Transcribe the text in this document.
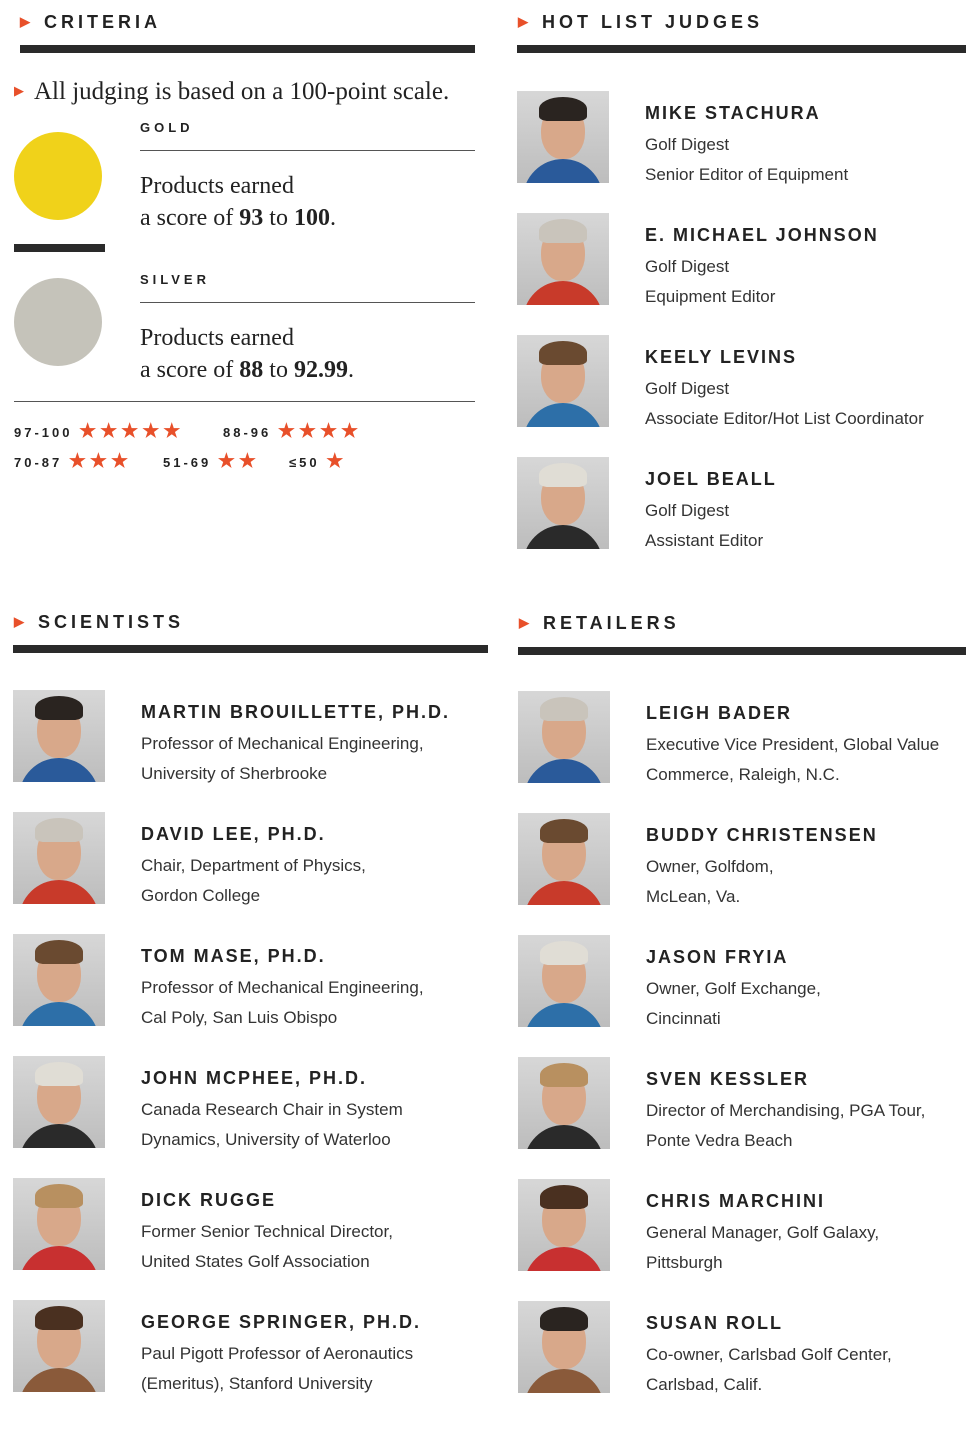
▶ CRITERIA
▶ All judging is based on a 100-point scale.
GOLD
Products earned
a score of 93 to 100.
SILVER
Products earned
a score of 88 to 92.99.
97-100 ★★★★★	88-96 ★★★★
70-87 ★★★ 51-69 ★★ ≤50 ★
▶ HOT LIST JUDGES
▶ SCIENTISTS	▶ RETAILERS
MIKE STACHURA
Golf Digest
Senior Editor of Equipment
E. MICHAEL JOHNSON
Golf Digest
Equipment Editor
KEELY LEVINS
Golf Digest
Associate Editor/Hot List Coordinator
JOEL BEALL
Golf Digest
Assistant Editor
MARTIN BROUILLETTE, PH.D.
Professor of Mechanical Engineering,
University of Sherbrooke
DAVID LEE, PH.D.
Chair, Department of Physics,
Gordon College
TOM MASE, PH.D.
Professor of Mechanical Engineering,
Cal Poly, San Luis Obispo
JOHN MCPHEE, PH.D.
Canada Research Chair in System
Dynamics, University of Waterloo
DICK RUGGE
Former Senior Technical Director,
United States Golf Association
GEORGE SPRINGER, PH.D.
Paul Pigott Professor of Aeronautics
(Emeritus), Stanford University
LEIGH BADER
Executive Vice President, Global Value
Commerce, Raleigh, N.C.
BUDDY CHRISTENSEN
Owner, Golfdom,
McLean, Va.
JASON FRYIA
Owner, Golf Exchange,
Cincinnati
SVEN KESSLER
Director of Merchandising, PGA Tour,
Ponte Vedra Beach
CHRIS MARCHINI
General Manager, Golf Galaxy,
Pittsburgh
SUSAN ROLL
Co-owner, Carlsbad Golf Center,
Carlsbad, Calif.
